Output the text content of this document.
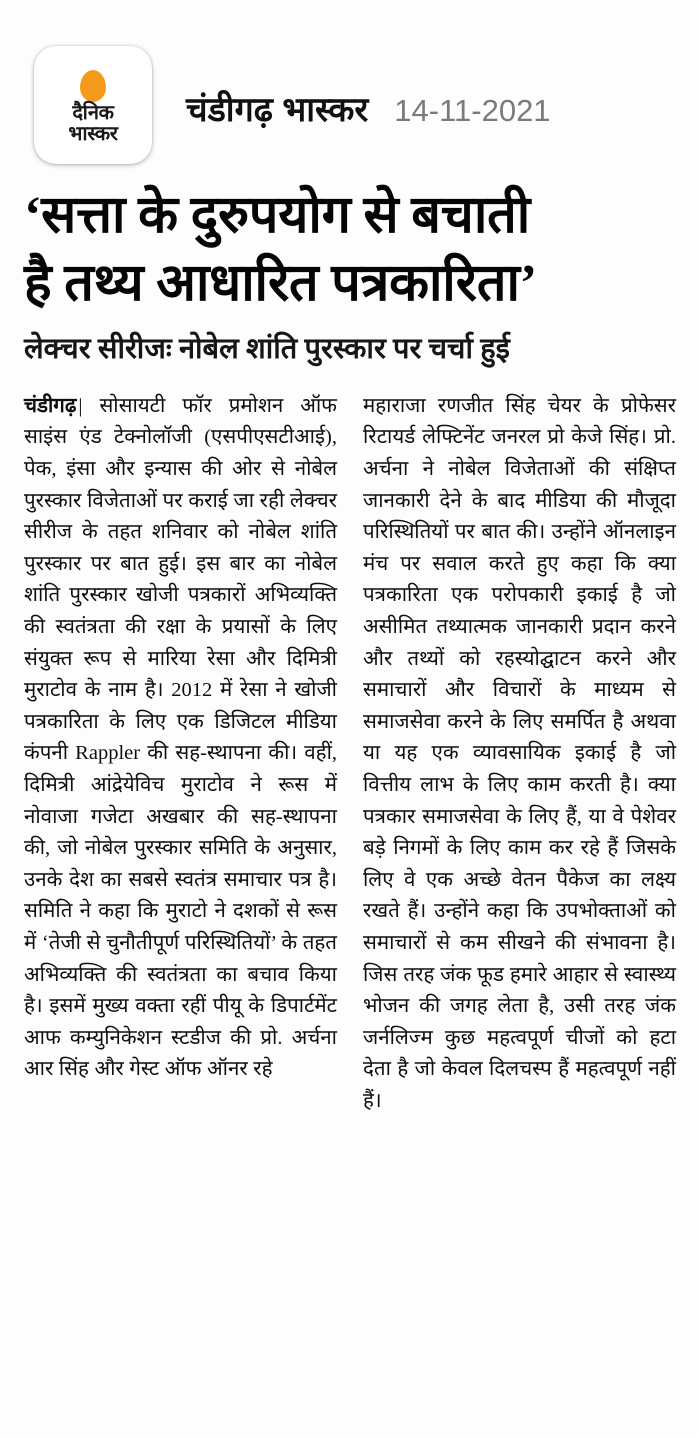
दैनिक
भास्कर
चंडीगढ़ भास्कर 14-11-2021
‘सत्ता के दुरुपयोग से बचाती
है तथ्य आधारित पत्रकारिता’
लेक्चर सीरीजः नोबेल शांति पुरस्कार पर चर्चा हुई

चंडीगढ़ | सोसायटी फॉर प्रमोशन ऑफ साइंस एंड टेक्नोलॉजी (एसपीएसटीआई), पेक, इंसा और इन्यास की ओर से नोबेल पुरस्कार विजेताओं पर कराई जा रही लेक्चर सीरीज के तहत शनिवार को नोबेल शांति पुरस्कार पर बात हुई। इस बार का नोबेल शांति पुरस्कार खोजी पत्रकारों अभिव्यक्ति की स्वतंत्रता की रक्षा के प्रयासों के लिए संयुक्त रूप से मारिया रेसा और दिमित्री मुराटोव के नाम है। 2012 में रेसा ने खोजी पत्रकारिता के लिए एक डिजिटल मीडिया कंपनी Rappler की सह-स्थापना की। वहीं, दिमित्री आंद्रेयेविच मुराटोव ने रूस में नोवाजा गजेटा अखबार की सह-स्थापना की, जो नोबेल पुरस्कार समिति के अनुसार, उनके देश का सबसे स्वतंत्र समाचार पत्र है। समिति ने कहा कि मुराटो ने दशकों से रूस में ‘तेजी से चुनौतीपूर्ण परिस्थितियों’ के तहत अभिव्यक्ति की स्वतंत्रता का बचाव किया है। इसमें मुख्य वक्ता रहीं पीयू के डिपार्टमेंट आफ कम्युनिकेशन स्टडीज की प्रो. अर्चना आर सिंह और गेस्ट ऑफ ऑनर रहे

महाराजा रणजीत सिंह चेयर के प्रोफेसर रिटायर्ड लेफ्टिनेंट जनरल प्रो केजे सिंह। प्रो. अर्चना ने नोबेल विजेताओं की संक्षिप्त जानकारी देने के बाद मीडिया की मौजूदा परिस्थितियों पर बात की। उन्होंने ऑनलाइन मंच पर सवाल करते हुए कहा कि क्या पत्रकारिता एक परोपकारी इकाई है जो असीमित तथ्यात्मक जानकारी प्रदान करने और तथ्यों को रहस्योद्घाटन करने और समाचारों और विचारों के माध्यम से समाजसेवा करने के लिए समर्पित है अथवा या यह एक व्यावसायिक इकाई है जो वित्तीय लाभ के लिए काम करती है। क्या पत्रकार समाजसेवा के लिए हैं, या वे पेशेवर बड़े निगमों के लिए काम कर रहे हैं जिसके लिए वे एक अच्छे वेतन पैकेज का लक्ष्य रखते हैं। उन्होंने कहा कि उपभोक्ताओं को समाचारों से कम सीखने की संभावना है। जिस तरह जंक फूड हमारे आहार से स्वास्थ्य भोजन की जगह लेता है, उसी तरह जंक जर्नलिज्म कुछ महत्वपूर्ण चीजों को हटा देता है जो केवल दिलचस्प हैं महत्वपूर्ण नहीं हैं।
